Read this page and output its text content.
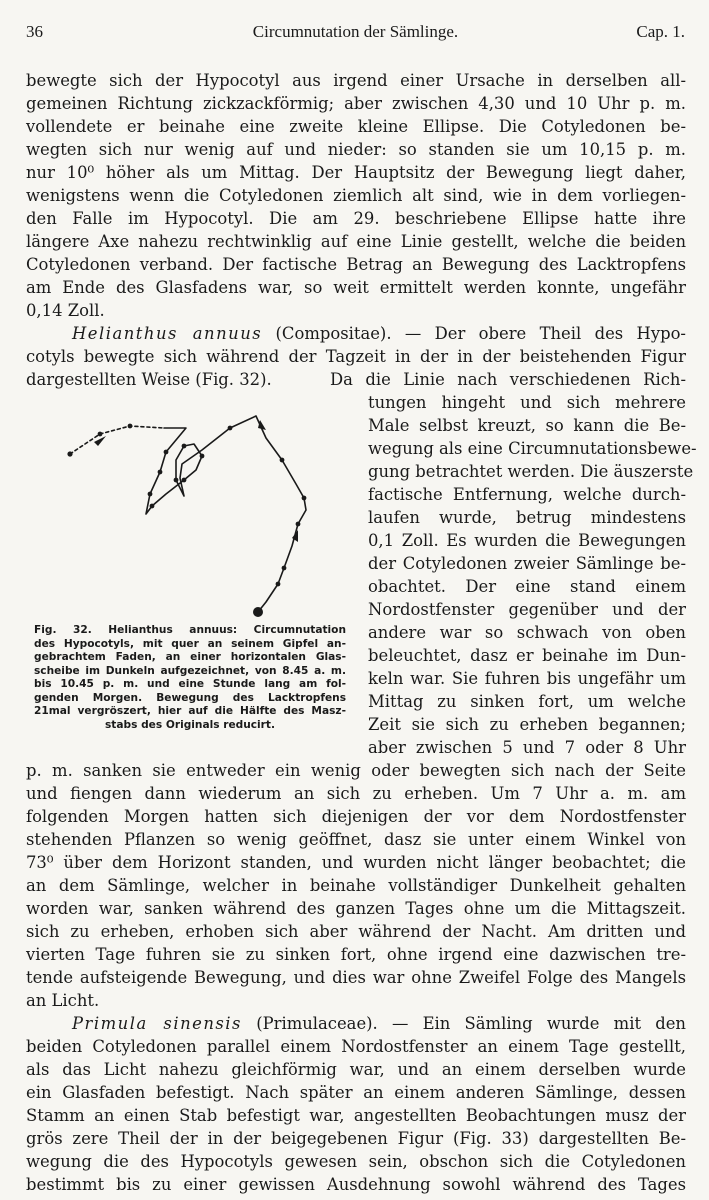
36	Circumnutation der Sämlinge.	Cap. 1.
bewegte sich der Hypocotyl aus irgend einer Ursache in derselben all-
gemeinen Richtung zickzackförmig; aber zwischen 4,30 und 10 Uhr p. m.
vollendete er beinahe eine zweite kleine Ellipse. Die Cotyledonen be-
wegten sich nur wenig auf und nieder: so standen sie um 10,15 p. m.
nur 10⁰ höher als um Mittag. Der Hauptsitz der Bewegung liegt daher,
wenigstens wenn die Cotyledonen ziemlich alt sind, wie in dem vorliegen-
den Falle im Hypocotyl. Die am 29. beschriebene Ellipse hatte ihre
längere Axe nahezu rechtwinklig auf eine Linie gestellt, welche die beiden
Cotyledonen verband. Der factische Betrag an Bewegung des Lacktropfens
am Ende des Glasfadens war, so weit ermittelt werden konnte, ungefähr
0,14 Zoll.
Helianthus annuus (Compositae). — Der obere Theil des Hypo-
cotyls bewegte sich während der Tagzeit in der in der beistehenden Figur
dargestellten Weise (Fig. 32).	Da die Linie nach verschiedenen Rich-
tungen hingeht und sich mehrere
Male selbst kreuzt, so kann die Be-
wegung als eine Circumnutationsbewe-
gung betrachtet werden. Die äuszerste
factische Entfernung, welche durch-
laufen wurde, betrug mindestens
0,1 Zoll. Es wurden die Bewegungen
der Cotyledonen zweier Sämlinge be-
obachtet. Der eine stand einem
Nordostfenster gegenüber und der
andere war so schwach von oben
beleuchtet, dasz er beinahe im Dun-
keln war. Sie fuhren bis ungefähr um
Mittag zu sinken fort, um welche
Zeit sie sich zu erheben begannen;
aber zwischen 5 und 7 oder 8 Uhr
Fig. 32. Helianthus annuus: Circumnutation
des Hypocotyls, mit quer an seinem Gipfel an-
gebrachtem Faden, an einer horizontalen Glas-
scheibe im Dunkeln aufgezeichnet, von 8.45 a. m.
bis 10.45 p. m. und eine Stunde lang am fol-
genden Morgen. Bewegung des Lacktropfens
21mal vergröszert, hier auf die Hälfte des Masz-
stabs des Originals reducirt.
p. m. sanken sie entweder ein wenig oder bewegten sich nach der Seite
und fiengen dann wiederum an sich zu erheben. Um 7 Uhr a. m. am
folgenden Morgen hatten sich diejenigen der vor dem Nordostfenster
stehenden Pflanzen so wenig geöffnet, dasz sie unter einem Winkel von
73⁰ über dem Horizont standen, und wurden nicht länger beobachtet; die
an dem Sämlinge, welcher in beinahe vollständiger Dunkelheit gehalten
worden war, sanken während des ganzen Tages ohne um die Mittagszeit.
sich zu erheben, erhoben sich aber während der Nacht. Am dritten und
vierten Tage fuhren sie zu sinken fort, ohne irgend eine dazwischen tre-
tende aufsteigende Bewegung, und dies war ohne Zweifel Folge des Mangels
an Licht.
Primula sinensis (Primulaceae). — Ein Sämling wurde mit den
beiden Cotyledonen parallel einem Nordostfenster an einem Tage gestellt,
als das Licht nahezu gleichförmig war, und an einem derselben wurde
ein Glasfaden befestigt. Nach später an einem anderen Sämlinge, dessen
Stamm an einen Stab befestigt war, angestellten Beobachtungen musz der
grös zere Theil der in der beigegebenen Figur (Fig. 33) dargestellten Be-
wegung die des Hypocotyls gewesen sein, obschon sich die Cotyledonen
bestimmt bis zu einer gewissen Ausdehnung sowohl während des Tages
